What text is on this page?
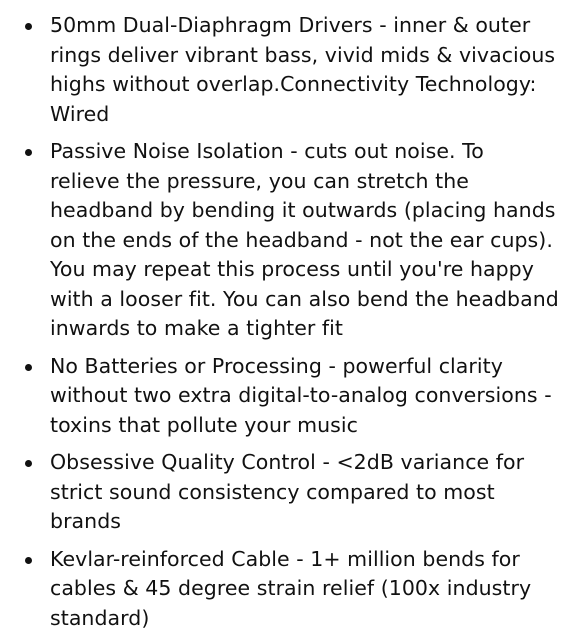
50mm Dual-Diaphragm Drivers - inner & outer rings deliver vibrant bass, vivid mids & vivacious highs without overlap.Connectivity Technology: Wired
Passive Noise Isolation - cuts out noise. To relieve the pressure, you can stretch the headband by bending it outwards (placing hands on the ends of the headband - not the ear cups). You may repeat this process until you're happy with a looser fit. You can also bend the headband inwards to make a tighter fit
No Batteries or Processing - powerful clarity without two extra digital-to-analog conversions - toxins that pollute your music
Obsessive Quality Control - <2dB variance for strict sound consistency compared to most brands
Kevlar-reinforced Cable - 1+ million bends for cables & 45 degree strain relief (100x industry standard)
